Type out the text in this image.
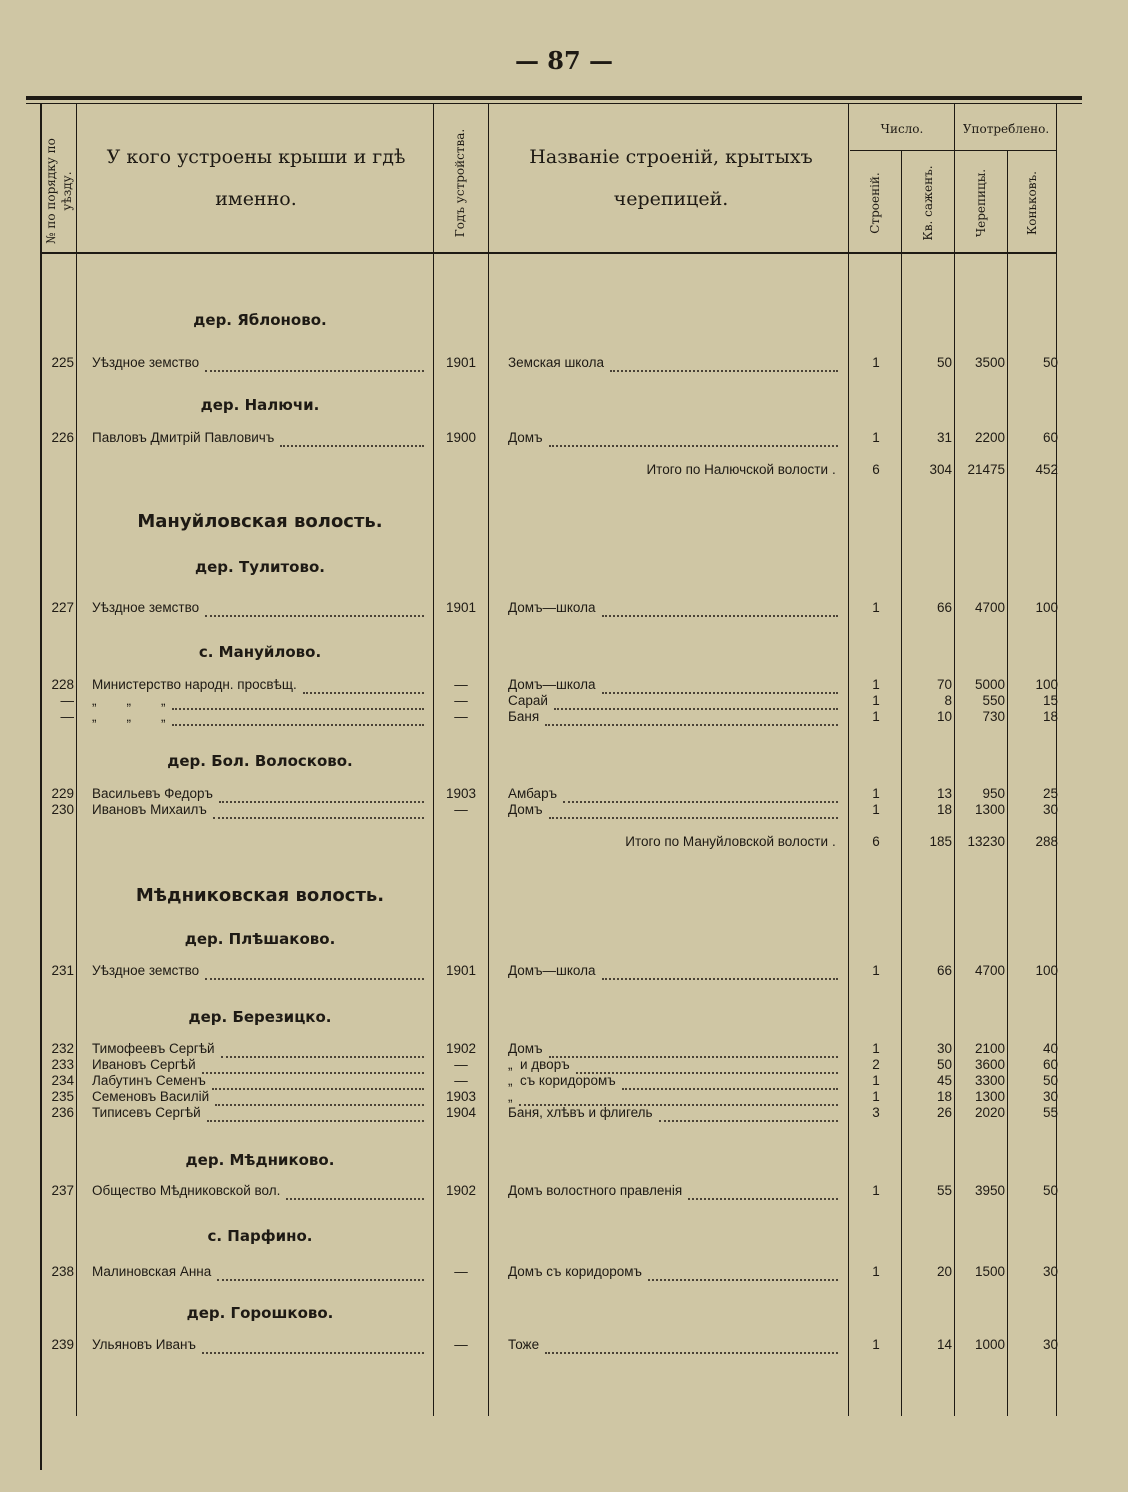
— 87 —
№ по порядку по уѣзду.
У кого устроены крыши и гдѣ именно.	Годъ устройства.	Названіе строеній, крытыхъ черепицей.
Число.	Употреблено.
Строеній.	Кв. саженъ.	Черепицы.	Коньковъ.
дер. Яблоново.
дер. Налючи.
Мануйловская волость.
дер. Тулитово.
с. Мануйлово.
дер. Бол. Волосково.
Мѣдниковская волость.
дер. Плѣшаково.
дер. Березицко.
дер. Мѣдниково.
с. Парфино.
дер. Горошково.
225 Уѣздное земство	1901	Земская школа	1	50	3500	50
226 Павловъ Дмитрій Павловичъ	1900	Домъ	1	31	2200	60
227 Уѣздное земство	1901	Домъ—школа	1	66	4700	100
228 Министерство народн. просвѣщ.	—	Домъ—школа	1	70	5000	100
— „        „        „	—	Сарай	1	8	550	15
— „        „        „	—	Баня	1	10	730	18
229 Васильевъ Федоръ	1903	Амбаръ	1	13	950	25
230 Ивановъ Михаилъ	—	Домъ	1	18	1300	30
231 Уѣздное земство	1901	Домъ—школа	1	66	4700	100
232 Тимофеевъ Сергѣй	1902	Домъ	1	30	2100	40
233 Ивановъ Сергѣй	—	„  и дворъ	2	50	3600	60
234 Лабутинъ Семенъ	—	„  съ коридоромъ	1	45	3300	50
235 Семеновъ Василій	1903	„	1	18	1300	30
236 Типисевъ Сергѣй	1904	Баня, хлѣвъ и флигель	3	26	2020	55
237 Общество Мѣдниковской вол.	1902	Домъ волостного правленія	1	55	3950	50
238 Малиновская Анна	—	Домъ съ коридоромъ	1	20	1500	30
239 Ульяновъ Иванъ	—	Тоже	1	14	1000	30
Итого по Налючской волости	6	304	21475	452
.
Итого по Мануйловской волости	6	185	13230	288
.
